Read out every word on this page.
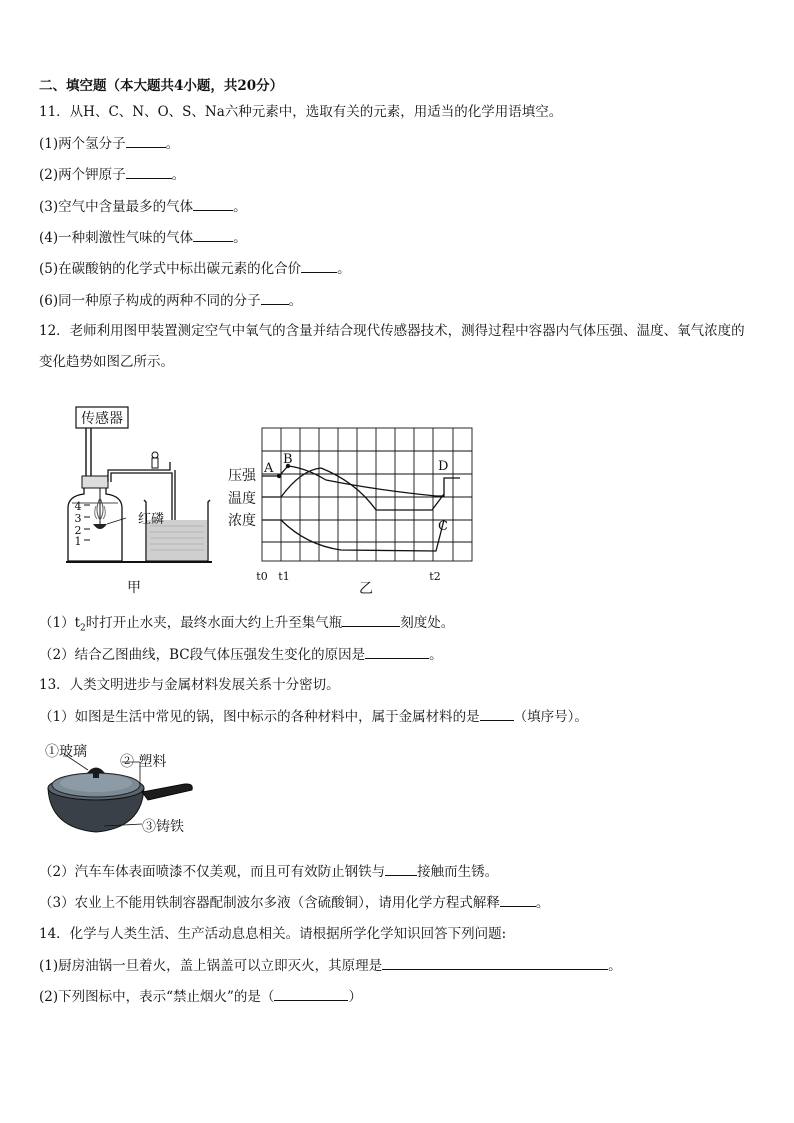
二、填空题（本大题共4小题，共20分）
11．从H、C、N、O、S、Na六种元素中，选取有关的元素，用适当的化学用语填空。
(1)两个氢分子	。
(2)两个钾原子	。
(3)空气中含量最多的气体	。
(4)一种刺激性气味的气体	。
(5)在碳酸钠的化学式中标出碳元素的化合价	。
(6)同一种原子构成的两种不同的分子 。
12．老师利用图甲装置测定空气中氧气的含量并结合现代传感器技术，测得过程中容器内气体压强、温度、氧气浓度的变化趋势如图乙所示。
传感器
4
3
2
1
红磷
甲
A
B	D
C
压强
温度
浓度
t0 t1	t2
乙
$(1)t_2$时打开止水夹，最终水面大约上升至集气瓶	刻度处。
（2）结合乙图曲线，BC段气体压强发生变化的原因是	。
13．人类文明进步与金属材料发展关系十分密切。
（1）如图是生活中常见的锅，图中标示的各种材料中，属于金属材料的是	（填序号）。
①玻璃
② 塑料
③铸铁
（2）汽车车体表面喷漆不仅美观，而且可有效防止钢铁与 接触而生锈。
（3）农业上不能用铁制容器配制波尔多液（含硫酸铜），请用化学方程式解释	。
14．化学与人类生活、生产活动息息相关。请根据所学化学知识回答下列问题:
(1)厨房油锅一旦着火，盖上锅盖可以立即灭火，其原理是	。
(2)下列图标中，表示“禁止烟火”的是（	）
